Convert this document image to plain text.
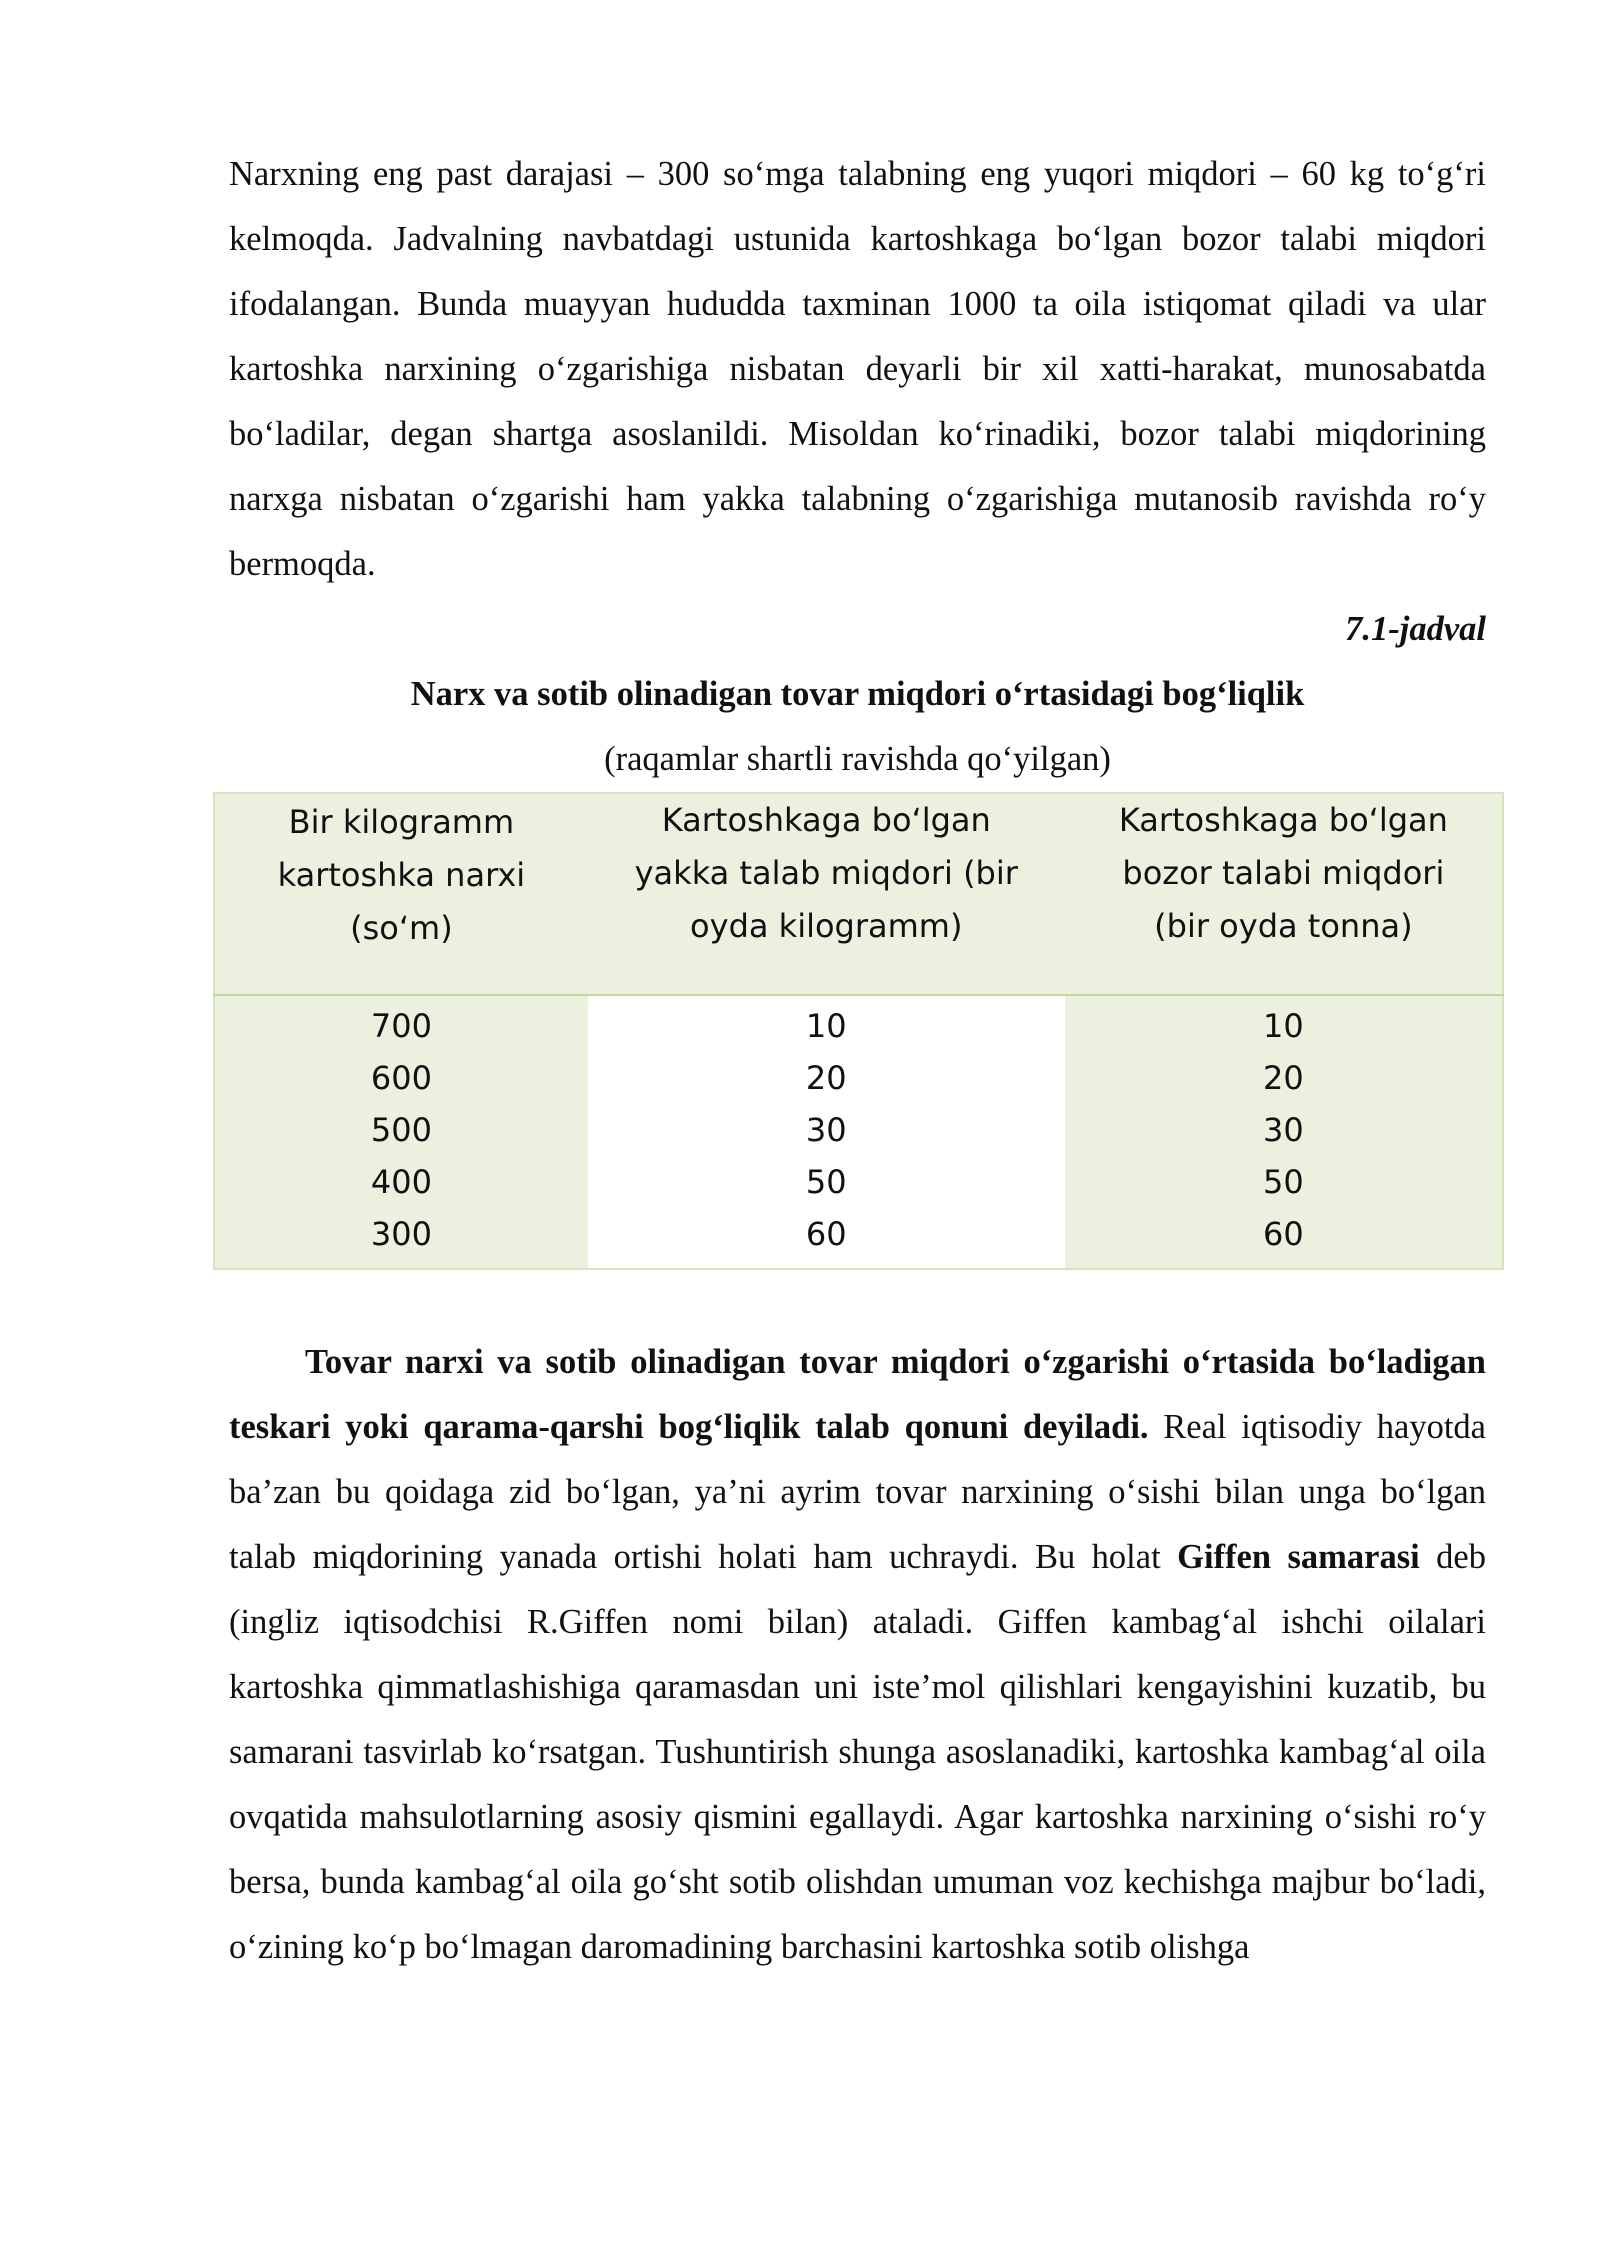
Narxning eng past darajasi – 300 so‘mga talabning eng yuqori miqdori – 60 kg to‘g‘ri kelmoqda. Jadvalning navbatdagi ustunida kartoshkaga bo‘lgan bozor talabi miqdori ifodalangan. Bunda muayyan hududda taxminan 1000 ta oila istiqomat qiladi va ular kartoshka narxining o‘zgarishiga nisbatan deyarli bir xil xatti-harakat, munosabatda bo‘ladilar, degan shartga asoslanildi. Misoldan ko‘rinadiki, bozor talabi miqdorining narxga nisbatan o‘zgarishi ham yakka talabning o‘zgarishiga mutanosib ravishda ro‘y bermoqda.

7.1-jadval
Narx va sotib olinadigan tovar miqdori o‘rtasidagi bog‘liqlik
(raqamlar shartli ravishda qo‘yilgan)
Bir kilogramm kartoshka narxi (so‘m)	Kartoshkaga bo‘lgan yakka talab miqdori (bir oyda kilogramm)	Kartoshkaga bo‘lgan bozor talabi miqdori (bir oyda tonna)
700	10	10
600	20	20
500	30	30
400	50	50
300	60	60

Tovar narxi va sotib olinadigan tovar miqdori o‘zgarishi o‘rtasida bo‘ladigan teskari yoki qarama-qarshi bog‘liqlik talab qonuni deyiladi. Real iqtisodiy hayotda ba’zan bu qoidaga zid bo‘lgan, ya’ni ayrim tovar narxining o‘sishi bilan unga bo‘lgan talab miqdorining yanada ortishi holati ham uchraydi. Bu holat Giffen samarasi deb (ingliz iqtisodchisi R.Giffen nomi bilan) ataladi. Giffen kambag‘al ishchi oilalari kartoshka qimmatlashishiga qaramasdan uni iste’mol qilishlari kengayishini kuzatib, bu samarani tasvirlab ko‘rsatgan. Tushuntirish shunga asoslanadiki, kartoshka kambag‘al oila ovqatida mahsulotlarning asosiy qismini egallaydi. Agar kartoshka narxining o‘sishi ro‘y bersa, bunda kambag‘al oila go‘sht sotib olishdan umuman voz kechishga majbur bo‘ladi, o‘zining ko‘p bo‘lmagan daromadining barchasini kartoshka sotib olishga
